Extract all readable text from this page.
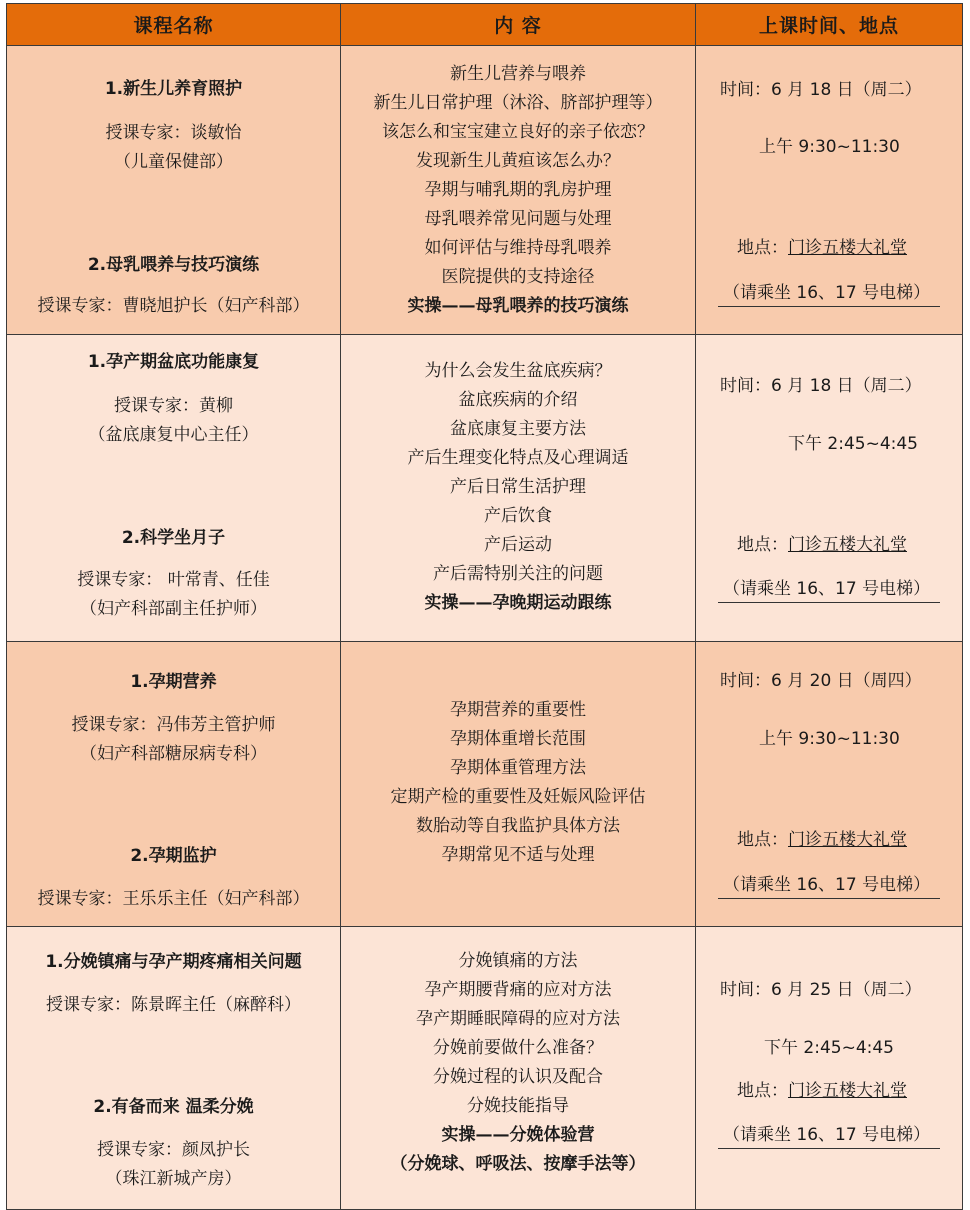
课程名称	内 容	上课时间、地点
1.新生儿养育照护
授课专家：谈敏怡
（儿童保健部）
2.母乳喂养与技巧演练
授课专家：曹晓旭护长（妇产科部）
新生儿营养与喂养
新生儿日常护理（沐浴、脐部护理等）
该怎么和宝宝建立良好的亲子依恋？
发现新生儿黄疸该怎么办？
孕期与哺乳期的乳房护理
母乳喂养常见问题与处理
如何评估与维持母乳喂养
医院提供的支持途径
实操——母乳喂养的技巧演练
时间：6 月 18 日（周二）
上午 9:30~11:30
地点：门诊五楼大礼堂
（请乘坐 16、17 号电梯）
1.孕产期盆底功能康复
授课专家：黄柳
（盆底康复中心主任）
2.科学坐月子
授课专家： 叶常青、任佳
（妇产科部副主任护师）
为什么会发生盆底疾病？
盆底疾病的介绍
盆底康复主要方法
产后生理变化特点及心理调适
产后日常生活护理
产后饮食
产后运动
产后需特别关注的问题
实操——孕晚期运动跟练
时间：6 月 18 日（周二）
下午 2:45~4:45
地点：门诊五楼大礼堂
（请乘坐 16、17 号电梯）
1.孕期营养
授课专家：冯伟芳主管护师
（妇产科部糖尿病专科）
2.孕期监护
授课专家：王乐乐主任（妇产科部）
孕期营养的重要性
孕期体重增长范围
孕期体重管理方法
定期产检的重要性及妊娠风险评估
数胎动等自我监护具体方法
孕期常见不适与处理
时间：6 月 20 日（周四）
上午 9:30~11:30
地点：门诊五楼大礼堂
（请乘坐 16、17 号电梯）
1.分娩镇痛与孕产期疼痛相关问题
授课专家：陈景晖主任（麻醉科）
2.有备而来 温柔分娩
授课专家：颜凤护长
（珠江新城产房）
分娩镇痛的方法
孕产期腰背痛的应对方法
孕产期睡眠障碍的应对方法
分娩前要做什么准备？
分娩过程的认识及配合
分娩技能指导
实操——分娩体验营
（分娩球、呼吸法、按摩手法等）
时间：6 月 25 日（周二）
下午 2:45~4:45
地点：门诊五楼大礼堂
（请乘坐 16、17 号电梯）
